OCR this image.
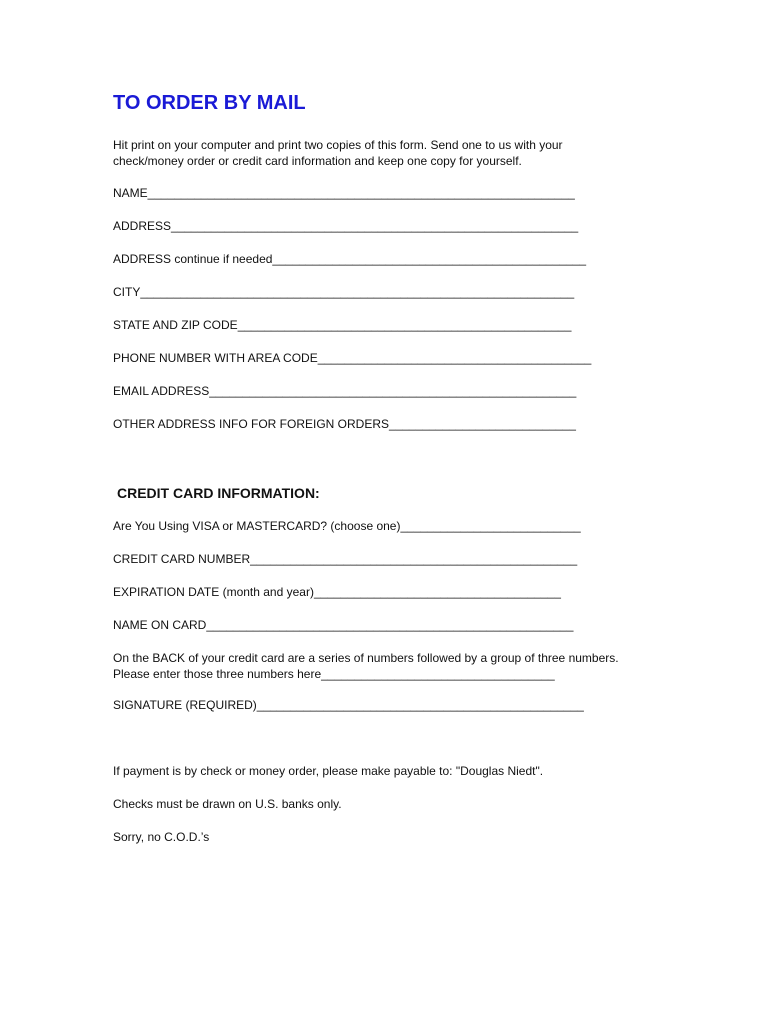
TO ORDER BY MAIL
Hit print on your computer and print two copies of this form. Send one to us with your
check/money order or credit card information and keep one copy for yourself.
NAME________________________________________________________________
ADDRESS_____________________________________________________________
ADDRESS continue if needed_______________________________________________
CITY_________________________________________________________________
STATE AND ZIP CODE__________________________________________________
PHONE NUMBER WITH AREA CODE_________________________________________
EMAIL ADDRESS_______________________________________________________
OTHER ADDRESS INFO FOR FOREIGN ORDERS____________________________
CREDIT CARD INFORMATION:
Are You Using VISA or MASTERCARD? (choose one)___________________________
CREDIT CARD NUMBER_________________________________________________
EXPIRATION DATE (month and year)_____________________________________
NAME ON CARD_______________________________________________________
On the BACK of your credit card are a series of numbers followed by a group of three numbers.
Please enter those three numbers here___________________________________
SIGNATURE (REQUIRED)_________________________________________________
If payment is by check or money order, please make payable to: "Douglas Niedt".
Checks must be drawn on U.S. banks only.
Sorry, no C.O.D.’s
